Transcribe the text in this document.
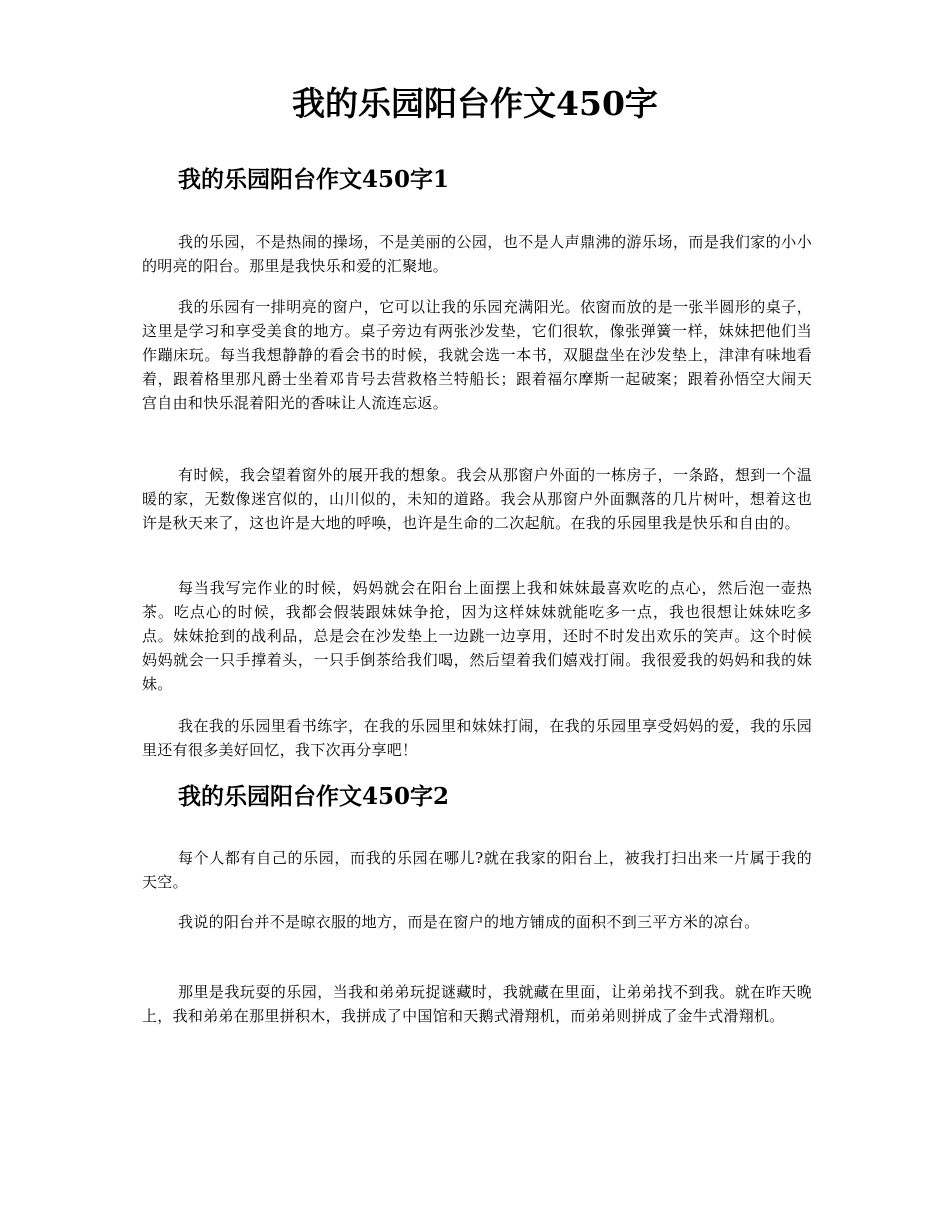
我的乐园阳台作文450字
我的乐园阳台作文450字1

我的乐园，不是热闹的操场，不是美丽的公园，也不是人声鼎沸的游乐场，而是我们家的小小的明亮的阳台。那里是我快乐和爱的汇聚地。

我的乐园有一排明亮的窗户，它可以让我的乐园充满阳光。依窗而放的是一张半圆形的桌子，这里是学习和享受美食的地方。桌子旁边有两张沙发垫，它们很软，像张弹簧一样，妹妹把他们当作蹦床玩。每当我想静静的看会书的时候，我就会选一本书，双腿盘坐在沙发垫上，津津有味地看着，跟着格里那凡爵士坐着邓肯号去营救格兰特船长；跟着福尔摩斯一起破案；跟着孙悟空大闹天宫自由和快乐混着阳光的香味让人流连忘返。

有时候，我会望着窗外的展开我的想象。我会从那窗户外面的一栋房子，一条路，想到一个温暖的家，无数像迷宫似的，山川似的，未知的道路。我会从那窗户外面飘落的几片树叶，想着这也许是秋天来了，这也许是大地的呼唤，也许是生命的二次起航。在我的乐园里我是快乐和自由的。

每当我写完作业的时候，妈妈就会在阳台上面摆上我和妹妹最喜欢吃的点心，然后泡一壶热茶。吃点心的时候，我都会假装跟妹妹争抢，因为这样妹妹就能吃多一点，我也很想让妹妹吃多点。妹妹抢到的战利品，总是会在沙发垫上一边跳一边享用，还时不时发出欢乐的笑声。这个时候妈妈就会一只手撑着头，一只手倒茶给我们喝，然后望着我们嬉戏打闹。我很爱我的妈妈和我的妹妹。

我在我的乐园里看书练字，在我的乐园里和妹妹打闹，在我的乐园里享受妈妈的爱，我的乐园里还有很多美好回忆，我下次再分享吧！

我的乐园阳台作文450字2

每个人都有自己的乐园，而我的乐园在哪儿?就在我家的阳台上，被我打扫出来一片属于我的天空。

我说的阳台并不是晾衣服的地方，而是在窗户的地方铺成的面积不到三平方米的凉台。

那里是我玩耍的乐园，当我和弟弟玩捉谜藏时，我就藏在里面，让弟弟找不到我。就在昨天晚上，我和弟弟在那里拼积木，我拼成了中国馆和天鹅式滑翔机，而弟弟则拼成了金牛式滑翔机。
